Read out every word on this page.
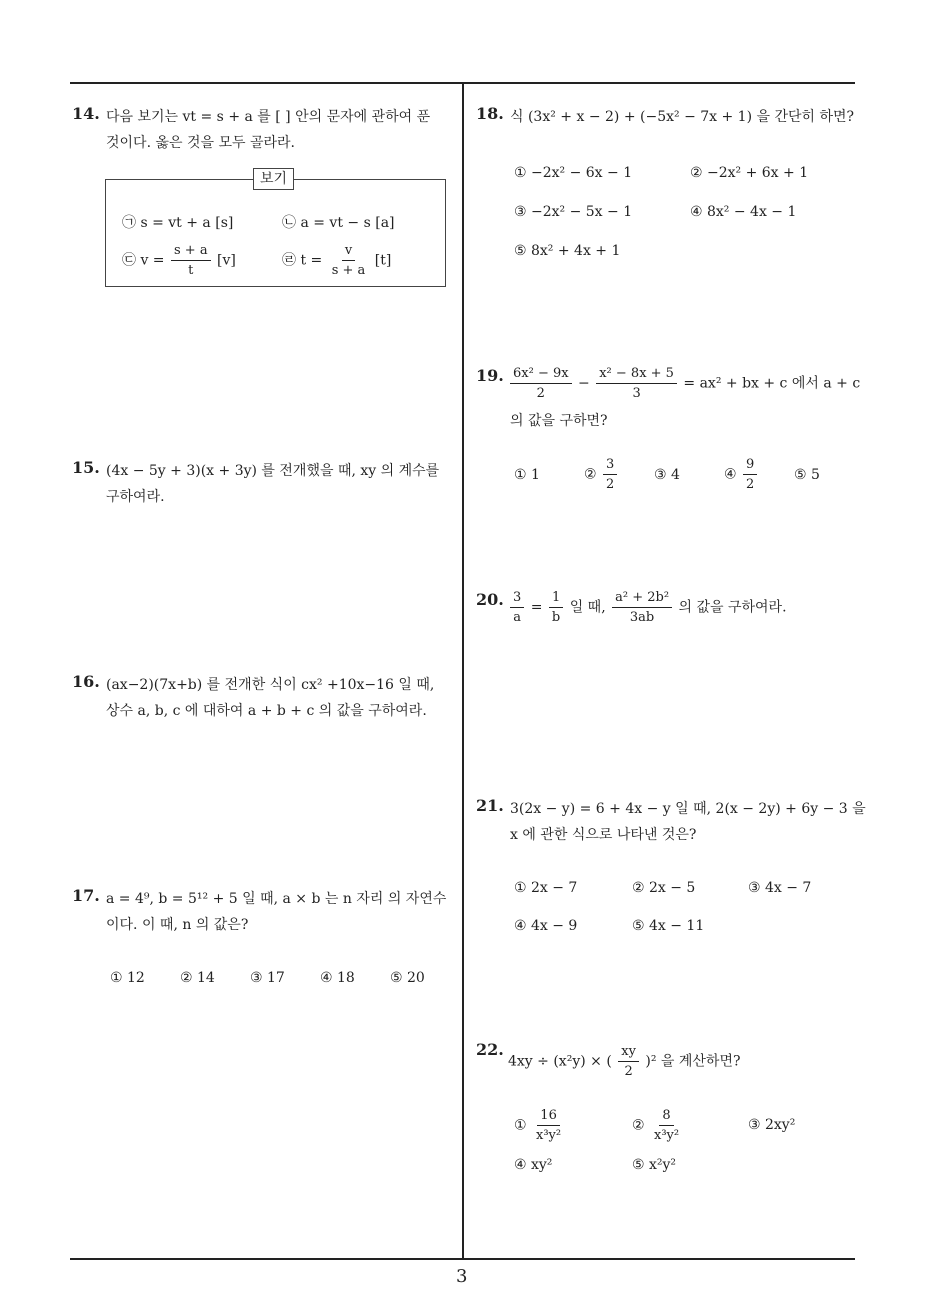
14. 다음 보기는 vt = s + a 를 [ ] 안의 문자에 관하여 푼
것이다. 옳은 것을 모두 골라라.
보기
㉠ s = vt + a [s]	㉡ a = vt − s [a]
㉢ $v = \frac{s + a}{t} [v]$	㉣ $t = \frac{v}{s + a} [t]$
15. (4x − 5y + 3)(x + 3y) 를 전개했을 때, xy 의 계수를
구하여라.
16. (ax−2)(7x+b) 를 전개한 식이 cx² +10x−16 일 때,
상수 a, b, c 에 대하여 a + b + c 의 값을 구하여라.
17. a = 4⁹, b = 5¹² + 5 일 때, a × b 는 n 자리 의 자연수
이다. 이 때, n 의 값은?
① 12	② 14	③ 17	④ 18	⑤ 20
18. 식 (3x² + x − 2) + (−5x² − 7x + 1) 을 간단히 하면?
① −2x² − 6x − 1	② −2x² + 6x + 1
③ −2x² − 5x − 1	④ 8x² − 4x − 1
⑤ 8x² + 4x + 1
19. $\frac{\text{6x² − 9x}}{2} - \frac{\text{x² − 8x + 5}}{3} = ax^2$ + bx + c 에서 a + c
의 값을 구하면?
① 1	② $\frac{3}{2}$	③ 4	④ $\frac{9}{2}$	⑤ 5
20. $\frac{3}{a} = \frac{1}{b}$ 일 때, $\frac{\text{a² + 2b²}}{3ab}$ 의 값을 구하여라.
21. 3(2x − y) = 6 + 4x − y 일 때, 2(x − 2y) + 6y − 3 을
x 에 관한 식으로 나타낸 것은?
① 2x − 7	② 2x − 5	③ 4x − 7
④ 4x − 9	⑤ 4x − 11
22.
4xy ÷ (x²y) × ( $\frac{xy}{2} )^2$ 을 계산하면?
① $\frac{16}{\text{x³y²}}$	② $\frac{8}{\text{x³y²}}$	③ 2xy²
④ xy²	⑤ x²y²
3
